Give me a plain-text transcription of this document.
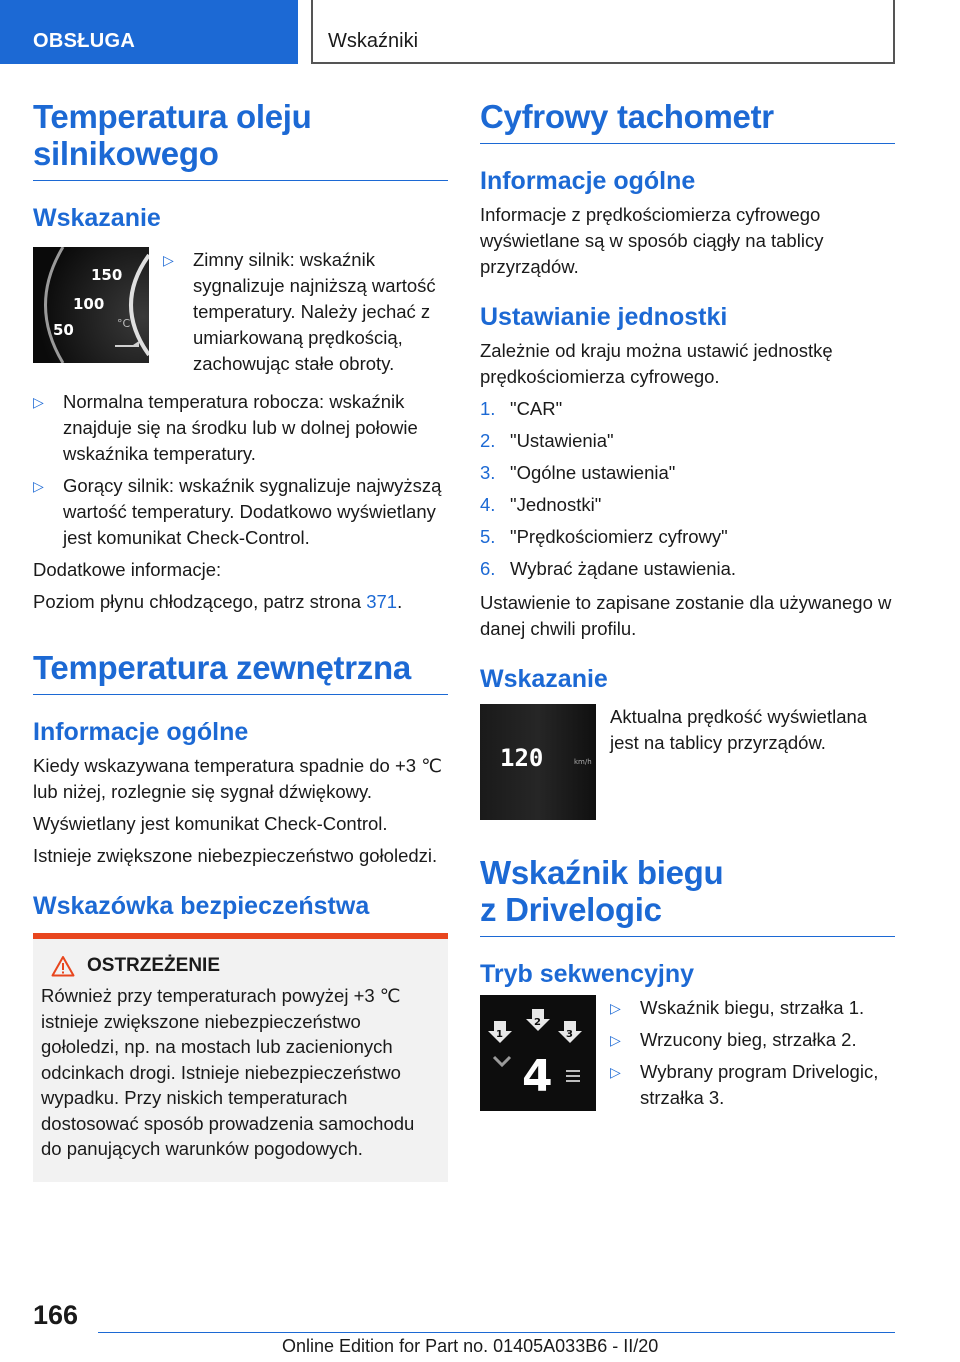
OBSŁUGA	Wskaźniki
Temperatura oleju silnikowego
Wskazanie
150
100
50	°C
▷ Zimny silnik: wskaźnik sygnalizuje najniższą wartość temperatury. Należy jechać z umiarkowaną prędkością, zachowując stałe obroty.
▷ Normalna temperatura robocza: wskaźnik znajduje się na środku lub w dolnej połowie wskaźnika temperatury.
▷ Gorący silnik: wskaźnik sygnalizuje najwyższą wartość temperatury. Dodatkowo wyświetlany jest komunikat Check-Control.

Dodatkowe informacje:

Poziom płynu chłodzącego, patrz strona 371.

Temperatura zewnętrzna
Informacje ogólne

Kiedy wskazywana temperatura spadnie do +3 ℃ lub niżej, rozlegnie się sygnał dźwiękowy.

Wyświetlany jest komunikat Check-Control.

Istnieje zwiększone niebezpieczeństwo gołoledzi.

Wskazówka bezpieczeństwa
OSTRZEŻENIE

Również przy temperaturach powyżej +3 ℃ istnieje zwiększone niebezpieczeństwo gołoledzi, np. na mostach lub zacienionych odcinkach drogi. Istnieje niebezpieczeństwo wypadku. Przy niskich temperaturach dostosować sposób prowadzenia samochodu do panujących warunków pogodowych.

Cyfrowy tachometr
Informacje ogólne

Informacje z prędkościomierza cyfrowego wyświetlane są w sposób ciągły na tablicy przyrządów.

Ustawianie jednostki

Zależnie od kraju można ustawić jednostkę prędkościomierza cyfrowego.

1. "CAR"
2. "Ustawienia"
3. "Ogólne ustawienia"
4. "Jednostki"
5. "Prędkościomierz cyfrowy"
6. Wybrać żądane ustawienia.

Ustawienie to zapisane zostanie dla używanego w danej chwili profilu.

Wskazanie
120	km/h

Aktualna prędkość wyświetlana jest na tablicy przyrządów.

Wskaźnik biegu
z Drivelogic
Tryb sekwencyjny
1
2
3
4
▷ Wskaźnik biegu, strzałka 1.
▷ Wrzucony bieg, strzałka 2.
▷ Wybrany program Drivelogic, strzałka 3.
166
Online Edition for Part no. 01405A033B6 - II/20
